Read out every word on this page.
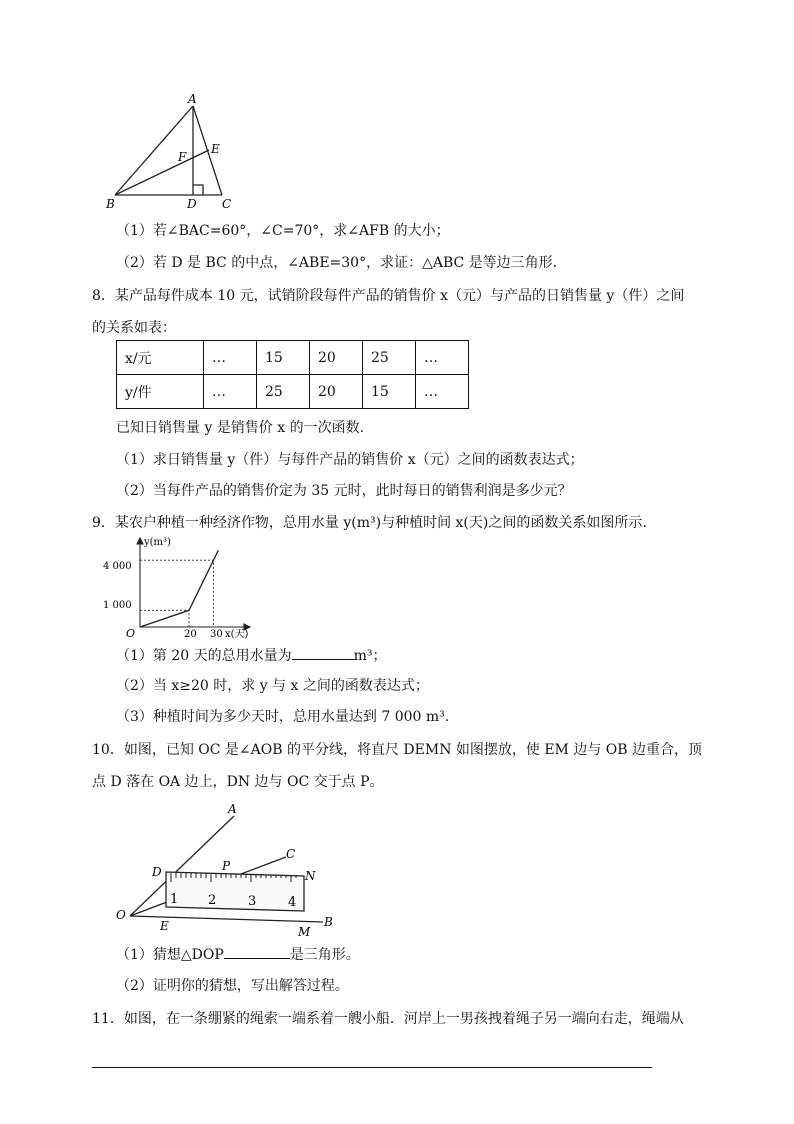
A
B	C
D
E
F
（1）若∠BAC=60°，∠C=70°，求∠AFB 的大小；
（2）若 D 是 BC 的中点，∠ABE=30°，求证：△ABC 是等边三角形.
8．某产品每件成本 10 元，试销阶段每件产品的销售价 x（元）与产品的日销售量 y（件）之间
的关系如表：
x/元	…	15	20	25	…
y/件	…	25	20	15	…
已知日销售量 y 是销售价 x 的一次函数.
（1）求日销售量 y（件）与每件产品的销售价 x（元）之间的函数表达式；
（2）当每件产品的销售价定为 35 元时，此时每日的销售利润是多少元？
9．某农户种植一种经济作物，总用水量 y(m³)与种植时间 x(天)之间的函数关系如图所示.
y(m³)
x(天)
O
4 000
1 000
20 30
（1）第 20 天的总用水量为	m³；
（2）当 x≥20 时，求 y 与 x 之间的函数表达式；
（3）种植时间为多少天时，总用水量达到 7 000 m³.
10．如图，已知 OC 是∠AOB 的平分线，将直尺 DEMN 如图摆放，使 EM 边与 OB 边重合，顶
点 D 落在 OA 边上，DN 边与 OC 交于点 P。
1 2 3 4
A
C
D	P
N
O
E	M
B
（1）猜想△DOP	是三角形。
（2）证明你的猜想，写出解答过程。
11．如图，在一条绷紧的绳索一端系着一艘小船．河岸上一男孩拽着绳子另一端向右走，绳端从
